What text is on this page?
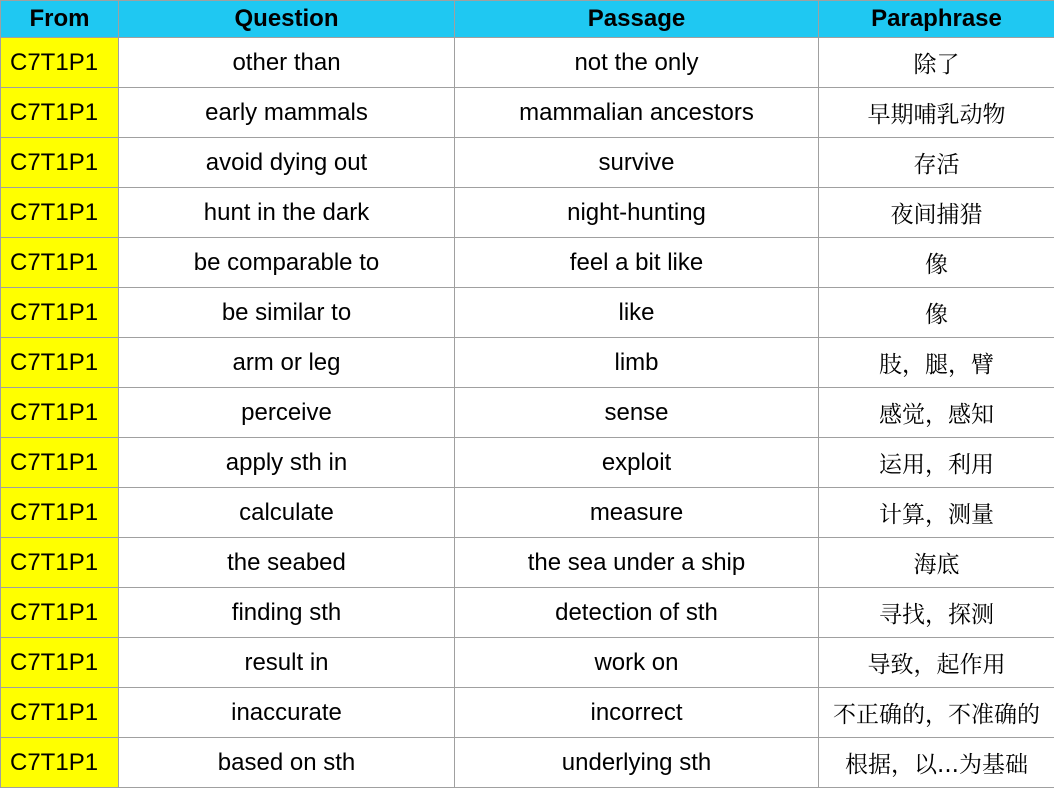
From	Question	Passage	Paraphrase
C7T1P1	other than	not the only	除了
C7T1P1	early mammals	mammalian ancestors	早期哺乳动物
C7T1P1	avoid dying out	survive	存活
C7T1P1	hunt in the dark	night-hunting	夜间捕猎
C7T1P1	be comparable to	feel a bit like	像
C7T1P1	be similar to	like	像
C7T1P1	arm or leg	limb	肢，腿，臂
C7T1P1	perceive	sense	感觉，感知
C7T1P1	apply sth in	exploit	运用，利用
C7T1P1	calculate	measure	计算，测量
C7T1P1	the seabed	the sea under a ship	海底
C7T1P1	finding sth	detection of sth	寻找，探测
C7T1P1	result in	work on	导致，起作用
C7T1P1	inaccurate	incorrect	不正确的，不准确的
C7T1P1	based on sth	underlying sth	根据，以...为基础
